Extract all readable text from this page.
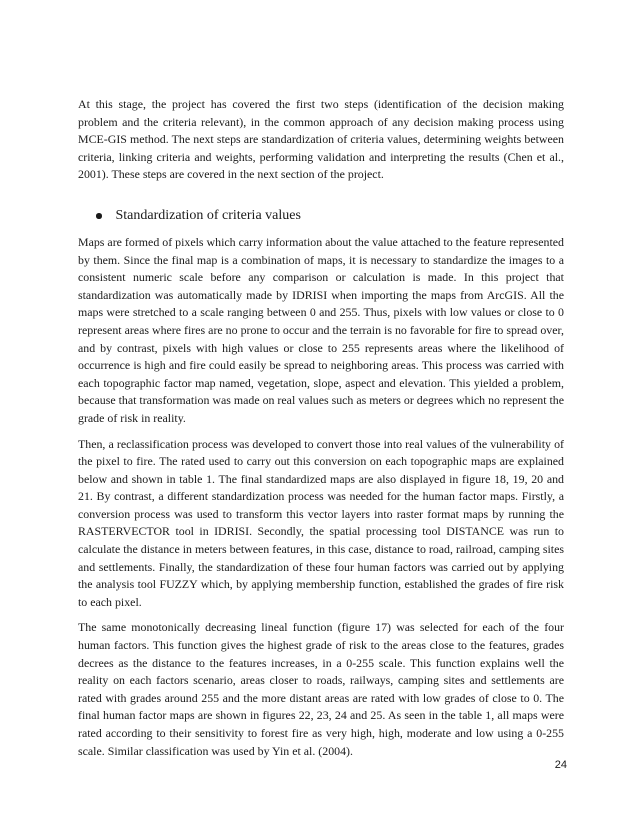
At this stage, the project has covered the first two steps (identification of the decision making problem and the criteria relevant), in the common approach of any decision making process using MCE-GIS method. The next steps are standardization of criteria values, determining weights between criteria, linking criteria and weights, performing validation and interpreting the results (Chen et al., 2001). These steps are covered in the next section of the project.

Standardization of criteria values

Maps are formed of pixels which carry information about the value attached to the feature represented by them. Since the final map is a combination of maps, it is necessary to standardize the images to a consistent numeric scale before any comparison or calculation is made. In this project that standardization was automatically made by IDRISI when importing the maps from ArcGIS. All the maps were stretched to a scale ranging between 0 and 255. Thus, pixels with low values or close to 0 represent areas where fires are no prone to occur and the terrain is no favorable for fire to spread over, and by contrast, pixels with high values or close to 255 represents areas where the likelihood of occurrence is high and fire could easily be spread to neighboring areas. This process was carried with each topographic factor map named, vegetation, slope, aspect and elevation. This yielded a problem, because that transformation was made on real values such as meters or degrees which no represent the grade of risk in reality.

Then, a reclassification process was developed to convert those into real values of the vulnerability of the pixel to fire. The rated used to carry out this conversion on each topographic maps are explained below and shown in table 1. The final standardized maps are also displayed in figure 18, 19, 20 and 21. By contrast, a different standardization process was needed for the human factor maps. Firstly, a conversion process was used to transform this vector layers into raster format maps by running the RASTERVECTOR tool in IDRISI. Secondly, the spatial processing tool DISTANCE was run to calculate the distance in meters between features, in this case, distance to road, railroad, camping sites and settlements. Finally, the standardization of these four human factors was carried out by applying the analysis tool FUZZY which, by applying membership function, established the grades of fire risk to each pixel.

The same monotonically decreasing lineal function (figure 17) was selected for each of the four human factors. This function gives the highest grade of risk to the areas close to the features, grades decrees as the distance to the features increases, in a 0-255 scale. This function explains well the reality on each factors scenario, areas closer to roads, railways, camping sites and settlements are rated with grades around 255 and the more distant areas are rated with low grades of close to 0. The final human factor maps are shown in figures 22, 23, 24 and 25. As seen in the table 1, all maps were rated according to their sensitivity to forest fire as very high, high, moderate and low using a 0-255 scale. Similar classification was used by Yin et al. (2004).

24
